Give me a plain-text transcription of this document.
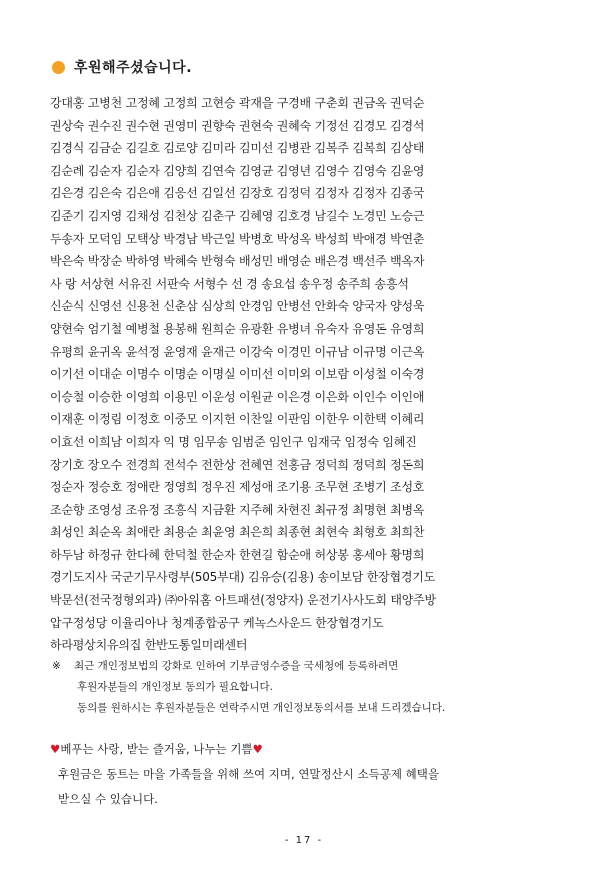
후원해주셨습니다.
강대홍 고병천 고정혜 고정희 고현승 곽재을 구경배 구춘회 권금옥 권덕순
권상숙 권수진 권수현 권영미 권향숙 권현숙 권혜숙 기정선 김경모 김경석
김경식 김금순 김길호 김로양 김미라 김미선 김병관 김복주 김복희 김상태
김순례 김순자 김순자 김양희 김연숙 김영균 김영년 김영수 김영숙 김윤영
김은경 김은숙 김은애 김응선 김일선 김장호 김정덕 김정자 김정자 김종국
김준기 김지영 김채성 김천상 김춘구 김혜영 김호경 남길수 노경민 노승근
두송자 모덕임 모택상 박경남 박근일 박병호 박성옥 박성희 박애경 박연춘
박은숙 박장순 박하영 박혜숙 반형숙 배성민 배영순 배은경 백선주 백옥자
사 랑 서상현 서유진 서판숙 서형수 선 경 송요섭 송우정 송주희 송흥석
신순식 신영선 신용천 신춘삼 심상희 안경임 안병선 안화숙 양국자 양성욱
양현숙 엄기철 예병철 용봉해 원희순 유광환 유병녀 유숙자 유영돈 유영희
유평희 윤귀옥 윤석정 윤영재 윤재근 이강숙 이경민 이규남 이규명 이근옥
이기선 이대순 이명수 이명순 이명실 이미선 이미외 이보람 이성철 이숙경
이승철 이승한 이영희 이용민 이운성 이원균 이은경 이은화 이인수 이인애
이재훈 이정림 이정호 이중모 이지헌 이찬일 이판임 이한우 이한택 이혜리
이효선 이희남 이희자 익 명 임무송 임범준 임인구 임재국 임정숙 임혜진
장기호 장오수 전경희 전석수 전한상 전혜연 전홍금 정덕희 정덕희 정돈희
정순자 정승호 정애란 정영희 정우진 제성애 조기용 조무현 조병기 조성호
조순향 조영성 조유정 조흥식 지금환 지주혜 차현진 최규정 최명현 최병옥
최성인 최순옥 최애란 최용순 최윤영 최은희 최종현 최현숙 최형호 최희찬
하두남 하정규 한다혜 한덕철 한순자 한현길 함순애 허상봉 홍세아 황명희
경기도지사 국군기무사령부(505부대) 김유승(김용) 송이보담 한장협경기도
박문선(전국정형외과) ㈜아워홈 아트패션(정양자) 운전기사사도회 태양주방
압구정성당 이율리아나 청계종합공구 케녹스사운드 한장협경기도
하라평상치유의집 한반도통일미래센터
※ 최근 개인정보법의 강화로 인하여 기부금영수증을 국세청에 등록하려면
후원자분들의 개인정보 동의가 필요합니다.
동의를 원하시는 후원자분들은 연락주시면 개인정보동의서를 보내 드리겠습니다.
♥베푸는 사랑, 받는 즐거움, 나누는 기쁨♥
후원금은 동트는 마을 가족들을 위해 쓰여 지며, 연말정산시 소득공제 혜택을
받으실 수 있습니다.
- 17 -
